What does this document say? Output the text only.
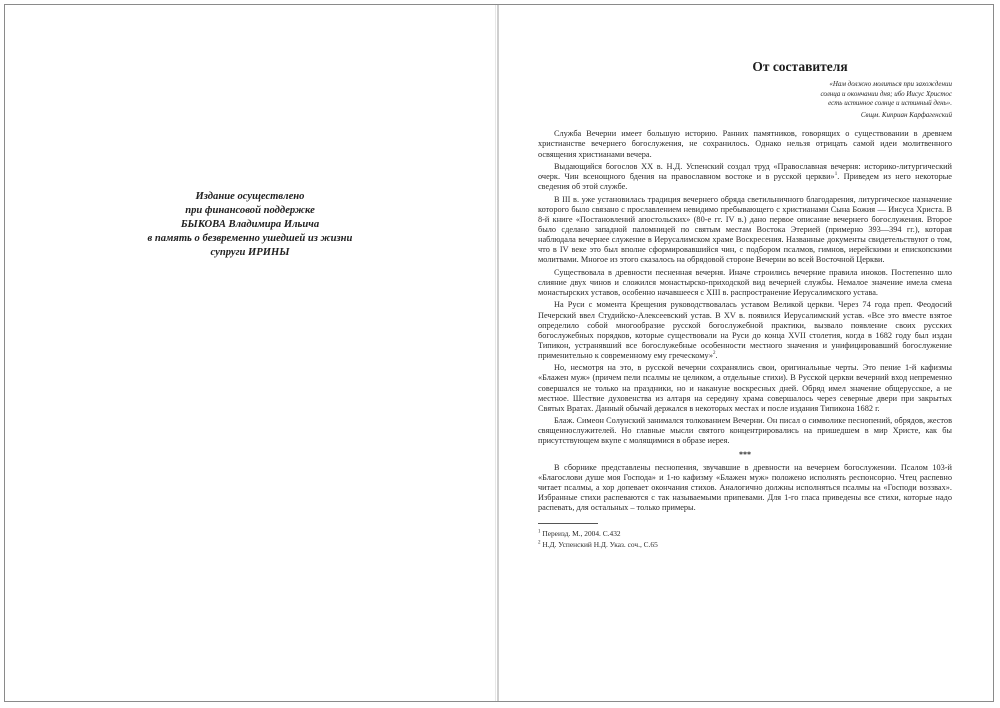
Издание осуществлено
при финансовой поддержке
БЫКОВА Владимира Ильича
в память о безвременно ушедшей из жизни
супруги ИРИНЫ
От составителя
«Нам должно молиться при захождении
солнца и окончании дня; ибо Иисус Христос
есть истинное солнце и истинный день».
Свщм. Киприан Карфагенский

Служба Вечерни имеет большую историю. Ранних памятников, говорящих о существовании в древнем христианстве вечернего богослужения, не сохранилось. Однако нельзя отрицать самой идеи молитвенного освящения христианами вечера.

Выдающийся богослов XX в. Н.Д. Успенский создал труд «Православная вечерня: историко-литургический очерк. Чин всенощного бдения на православном востоке и в русской церкви»$^1$. Приведем из него некоторые сведения об этой службе.

В III в. уже установилась традиция вечернего обряда светильничного благодарения, литургическое назначение которого было связано с прославлением невидимо пребывающего с христианами Сына Божия — Иисуса Христа. В 8-й книге «Постановлений апостольских» (80-е гг. IV в.) дано первое описание вечернего богослужения. Второе было сделано западной паломницей по святым местам Востока Этерией (примерно 393—394 гг.), которая наблюдала вечернее служение в Иерусалимском храме Воскресения. Названные документы свидетельствуют о том, что в IV веке это был вполне сформировавшийся чин, с подбором псалмов, гимнов, иерейскими и епископскими молитвами. Многое из этого сказалось на обрядовой стороне Вечерни во всей Восточной Церкви.

Существовала в древности песненная вечерня. Иначе строились вечерние правила иноков. Постепенно шло слияние двух чинов и сложился монастырско-приходской вид вечерней службы. Немалое значение имела смена монастырских уставов, особенно начавшееся с XIII в. распространение Иерусалимского устава.

На Руси с момента Крещения руководствовалась уставом Великой церкви. Через 74 года преп. Феодосий Печерский ввел Студийско-Алексеевский устав. В XV в. появился Иерусалимский устав. «Все это вместе взятое определило собой многообразие русской богослужебной практики, вызвало появление своих русских богослужебных порядков, которые существовали на Руси до конца XVII столетия, когда в 1682 году был издан Типикон, устранявший все богослужебные особенности местного значения и унифицировавший богослужение применительно к современному ему греческому»$^2$.

Но, несмотря на это, в русской вечерни сохранялись свои, оригинальные черты. Это пение 1-й кафизмы «Блажен муж» (причем пели псалмы не целиком, а отдельные стихи). В Русской церкви вечерний вход непременно совершался не только на праздники, но и накануне воскресных дней. Обряд имел значение общерусское, а не местное. Шествие духовенства из алтаря на середину храма совершалось через северные двери при закрытых Святых Вратах. Данный обычай держался в некоторых местах и после издания Типикона 1682 г.

Блаж. Симеон Солунский занимался толкованием Вечерни. Он писал о символике песнопений, обрядов, жестов священнослужителей. Но главные мысли святого концентрировались на пришедшем в мир Христе, как бы присутствующем вкупе с молящимися в образе иерея.

***

В сборнике представлены песнопения, звучавшие в древности на вечернем богослужении. Псалом 103-й «Благослови душе моя Господа» и 1-ю кафизму «Блажен муж» положено исполнять респонсорно. Чтец распевно читает псалмы, а хор допевает окончания стихов. Аналогично должны исполняться псалмы на «Господи воззвах». Избранные стихи распеваются с так называемыми припевами. Для 1-го гласа приведены все стихи, которые надо распевать, для остальных – только примеры.

$^1$ Переизд. М., 2004. С.432
$^2$ Н.Д. Успенский Н.Д. Указ. соч., С.65
